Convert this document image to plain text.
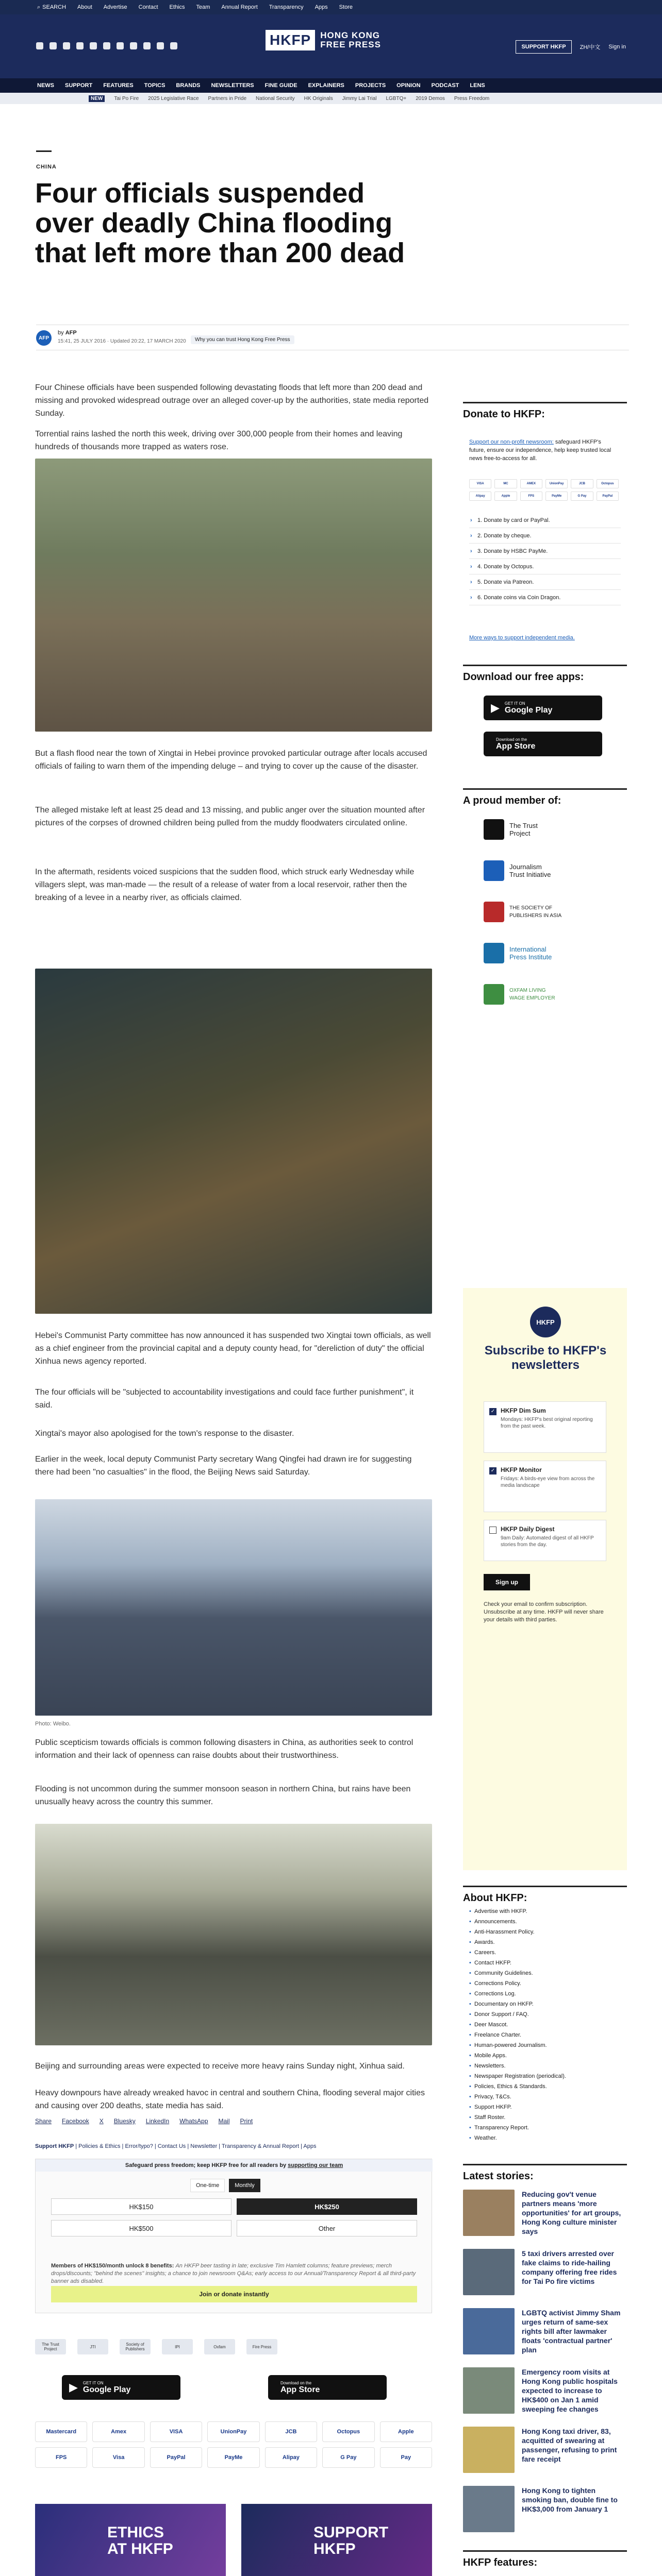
⌕ SEARCH About Advertise Contact Ethics Team Annual Report Transparency Apps Store
HKFP	HONG KONG
FREE PRESS	SUPPORT HKFP	ZH/中文 Sign in
NEWS SUPPORT FEATURES TOPICS BRANDS NEWSLETTERS FINE GUIDE EXPLAINERS PROJECTS OPINION PODCAST LENS
NEW	Tai Po Fire 2025 Legislative Race Partners in Pride National Security HK Originals Jimmy Lai Trial LGBTQ+ 2019 Demos Press Freedom
CHINA
Four officials suspended over deadly China flooding that left more than 200 dead
AFP
by AFP
15:41, 25 JULY 2016 · Updated 20:22, 17 MARCH 2020	Why you can trust Hong Kong Free Press

Four Chinese officials have been suspended following devastating floods that left more than 200 dead and missing and provoked widespread outrage over an alleged cover-up by the authorities, state media reported Sunday.

Torrential rains lashed the north this week, driving over 300,000 people from their homes and leaving hundreds of thousands more trapped as waters rose.

But a flash flood near the town of Xingtai in Hebei province provoked particular outrage after locals accused officials of failing to warn them of the impending deluge – and trying to cover up the cause of the disaster.

The alleged mistake left at least 25 dead and 13 missing, and public anger over the situation mounted after pictures of the corpses of drowned children being pulled from the muddy floodwaters circulated online.

In the aftermath, residents voiced suspicions that the sudden flood, which struck early Wednesday while villagers slept, was man-made — the result of a release of water from a local reservoir, rather then the breaking of a levee in a nearby river, as officials claimed.

Hebei's Communist Party committee has now announced it has suspended two Xingtai town officials, as well as a chief engineer from the provincial capital and a deputy county head, for "dereliction of duty" the official Xinhua news agency reported.

The four officials will be "subjected to accountability investigations and could face further punishment", it said.

Xingtai's mayor also apologised for the town's response to the disaster.

Earlier in the week, local deputy Communist Party secretary Wang Qingfei had drawn ire for suggesting there had been "no casualties" in the flood, the Beijing News said Saturday.

Photo: Weibo.

Public scepticism towards officials is common following disasters in China, as authorities seek to control information and their lack of openness can raise doubts about their trustworthiness.

Flooding is not uncommon during the summer monsoon season in northern China, but rains have been unusually heavy across the country this summer.

Beijing and surrounding areas were expected to receive more heavy rains Sunday night, Xinhua said.

Heavy downpours have already wreaked havoc in central and southern China, flooding several major cities and causing over 200 deaths, state media has said.

Share Facebook X Bluesky LinkedIn WhatsApp Mail Print
Support HKFP | Policies & Ethics | Error/typo? | Contact Us | Newsletter | Transparency & Annual Report | Apps
Safeguard press freedom; keep HKFP free for all readers by supporting our team
One-time	Monthly
HK$150	HK$250
HK$500	Other
Members of HK$150/month unlock 8 benefits: An HKFP beer tasting in late; exclusive Tim Hamlett columns; feature previews; merch drops/discounts; "behind the scenes" insights; a chance to join newsroom Q&As; early access to our Annual/Transparency Report & all third-party banner ads disabled.
Join or donate instantly
The Trust Project	JTI	Society of Publishers	IPI	Oxfam	Fire Press
▶ GET IT ON
Google Play
Download on the
App Store
Mastercard	Amex	VISA	UnionPay	JCB	Octopus	Apple
FPS	Visa	PayPal	PayMe	Alipay	G Pay	Pay
ETHICS
AT HKFP
SUPPORT HKFP
Donate to HKFP:
Support our non-profit newsroom: safeguard HKFP's future, ensure our independence, help keep trusted local news free-to-access for all.
VISA	MC	AMEX	UnionPay	JCB	Octopus
Alipay	Apple	FPS	PayMe	G Pay	PayPal
› 1. Donate by card or PayPal.
› 2. Donate by cheque.
› 3. Donate by HSBC PayMe.
› 4. Donate by Octopus.
› 5. Donate via Patreon.
› 6. Donate coins via Coin Dragon.
More ways to support independent media.
Download our free apps:
▶ GET IT ON
Google Play
Download on the
App Store
A proud member of:
The Trust
Project
Journalism
Trust Initiative
THE SOCIETY OF
PUBLISHERS IN ASIA
International
Press Institute
OXFAM LIVING
WAGE EMPLOYER
HKFP
Subscribe to HKFP's newsletters
✓ HKFP Dim Sum
Mondays: HKFP's best original reporting from the past week.
✓ HKFP Monitor
Fridays: A birds-eye view from across the media landscape
HKFP Daily Digest
9am Daily: Automated digest of all HKFP stories from the day.
Sign up
Check your email to confirm subscription. Unsubscribe at any time. HKFP will never share your details with third parties.
About HKFP:
• Advertise with HKFP.
• Announcements.
• Anti-Harassment Policy.
• Awards.
• Careers.
• Contact HKFP.
• Community Guidelines.
• Corrections Policy.
• Corrections Log.
• Documentary on HKFP.
• Donor Support / FAQ.
• Deer Mascot.
• Freelance Charter.
• Human-powered Journalism.
• Mobile Apps.
• Newsletters.
• Newspaper Registration (periodical).
• Policies, Ethics & Standards.
• Privacy, T&Cs.
• Support HKFP.
• Staff Roster.
• Transparency Report.
• Weather.
Latest stories:
Reducing gov't venue partners means 'more opportunities' for art groups, Hong Kong culture minister says
5 taxi drivers arrested over fake claims to ride-hailing company offering free rides for Tai Po fire victims
LGBTQ activist Jimmy Sham urges return of same-sex rights bill after lawmaker floats 'contractual partner' plan
Emergency room visits at Hong Kong public hospitals expected to increase to HK$400 on Jan 1 amid sweeping fee changes
Hong Kong taxi driver, 83, acquitted of swearing at passenger, refusing to print fare receipt
Hong Kong to tighten smoking ban, double fine to HK$3,000 from January 1
HKFP features:
